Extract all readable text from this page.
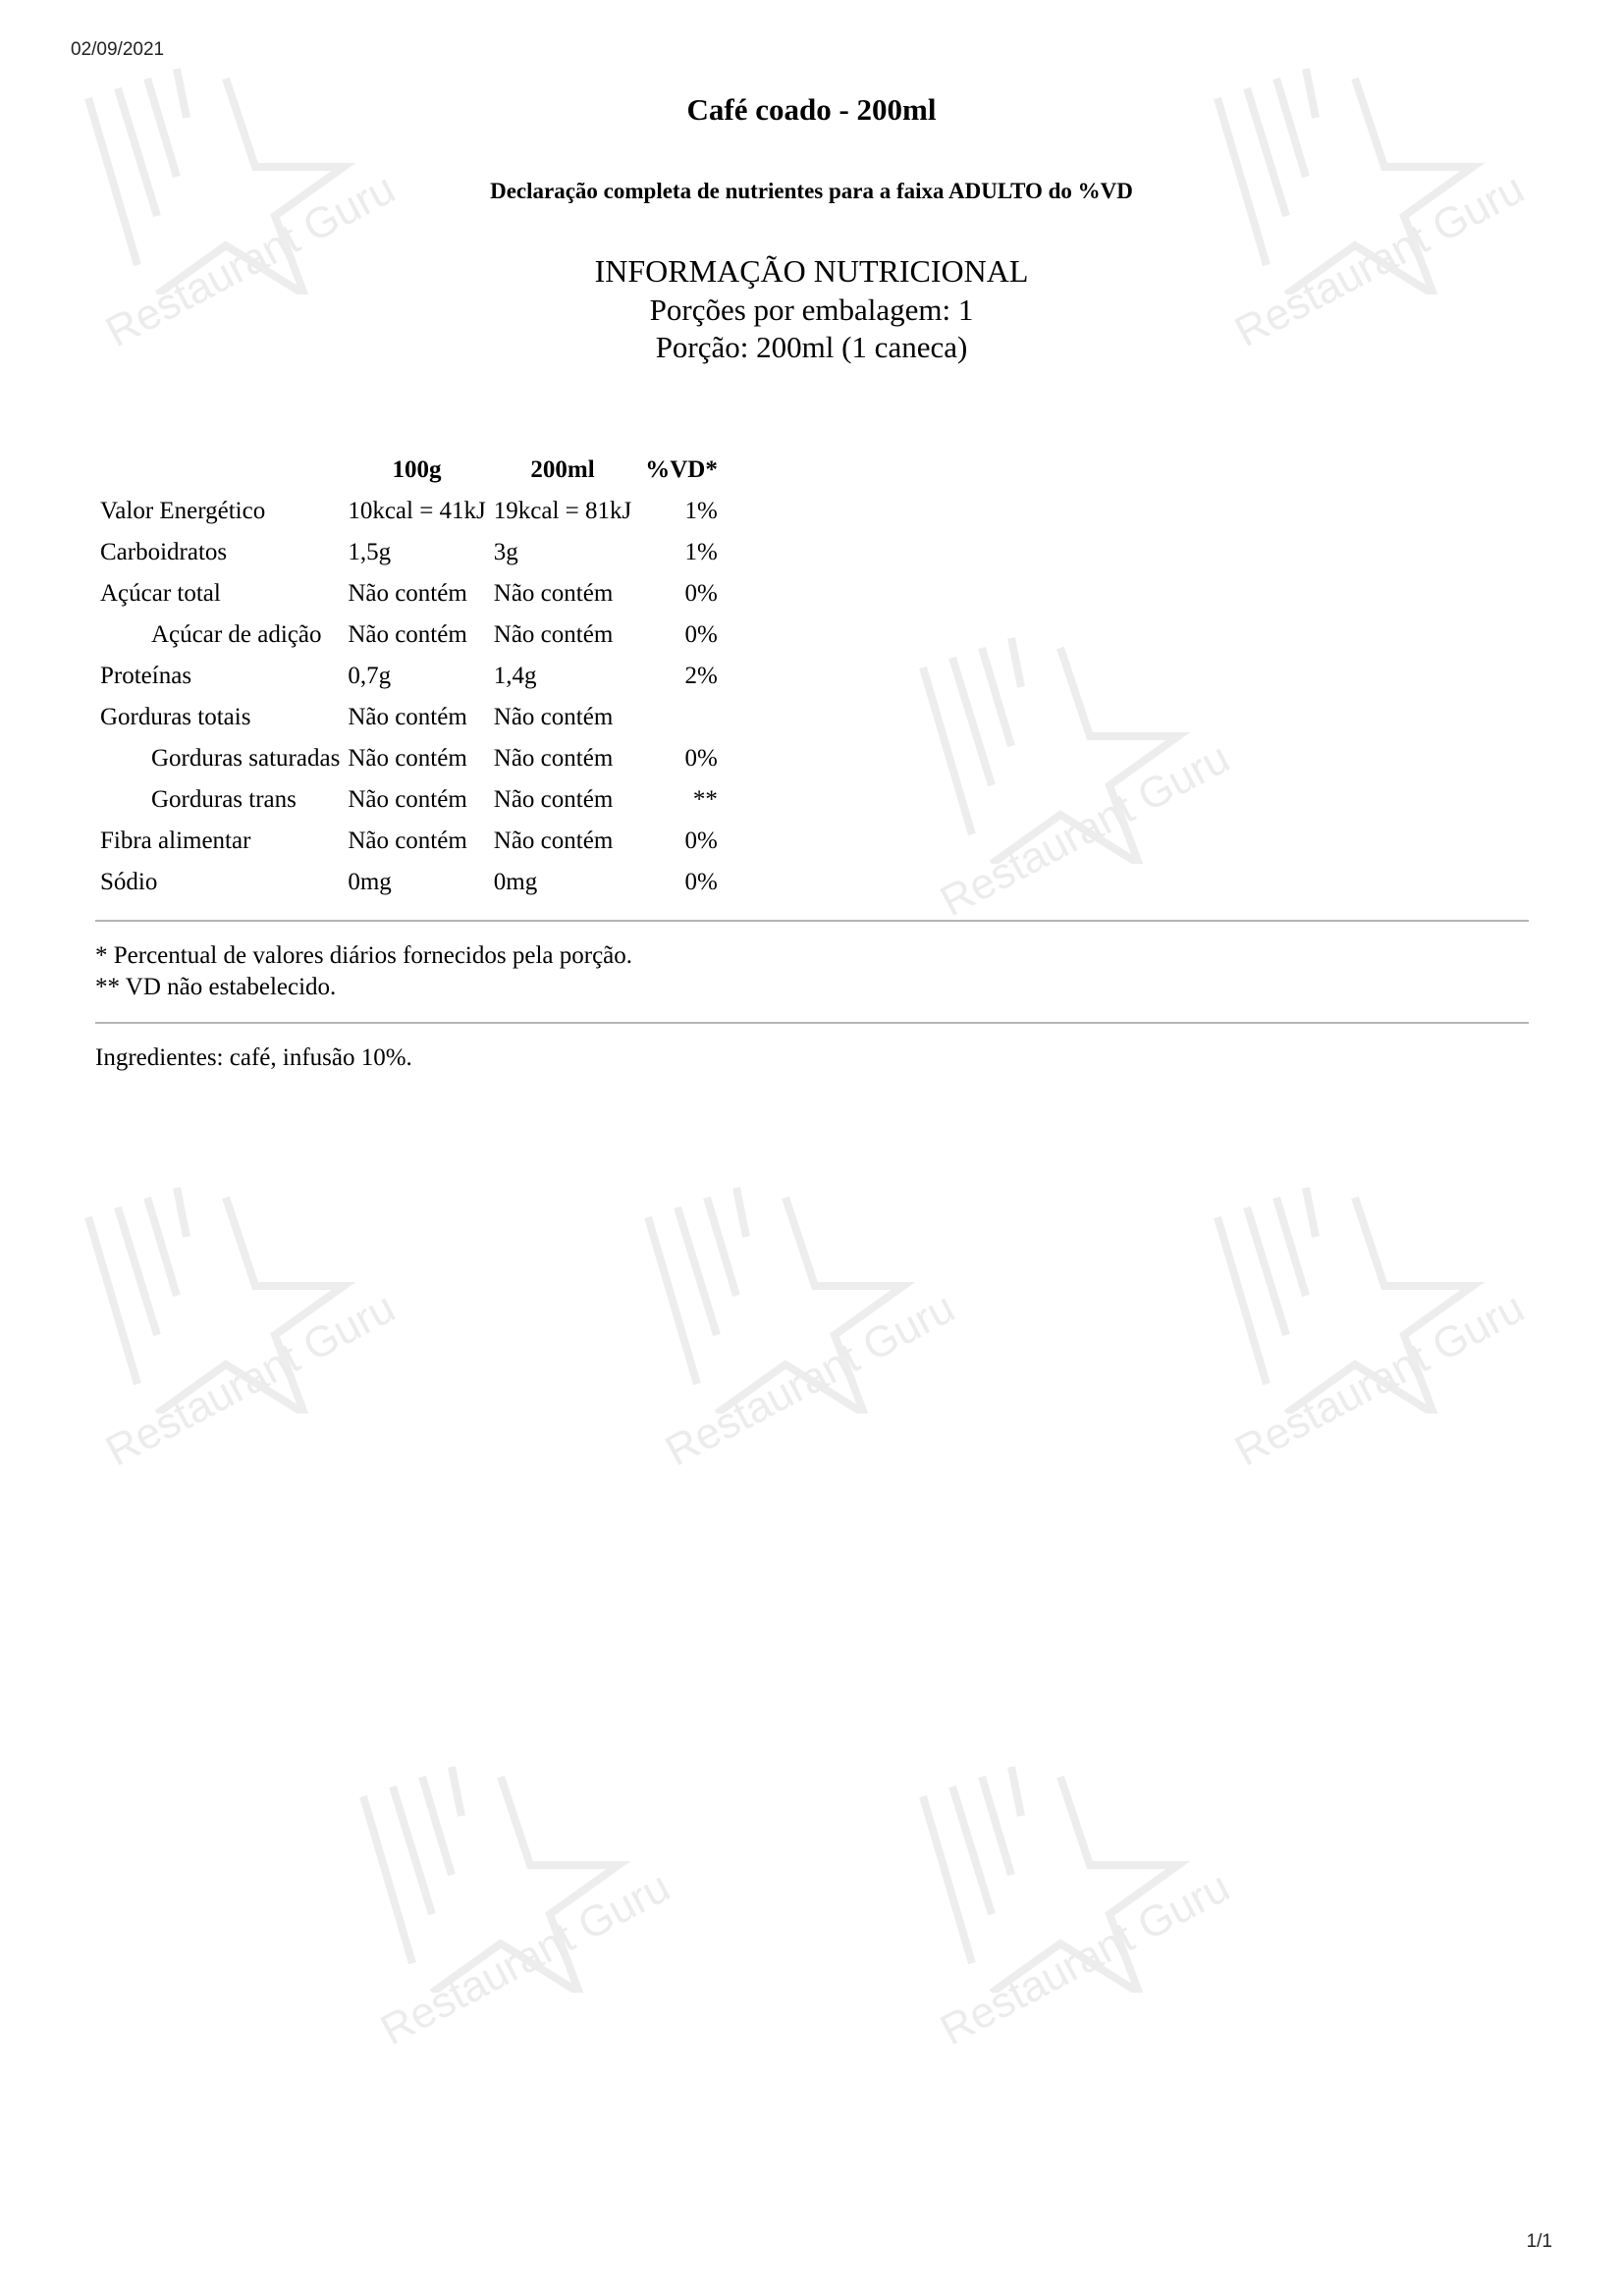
Restaurant Guru	Restaurant Guru
Restaurant Guru
Restaurant Guru	Restaurant Guru	Restaurant Guru
Restaurant Guru	Restaurant Guru
02/09/2021
Café coado - 200ml
Declaração completa de nutrientes para a faixa ADULTO do %VD
INFORMAÇÃO NUTRICIONAL
Porções por embalagem: 1
Porção: 200ml (1 caneca)
	100g	200ml	%VD*
Valor Energético	10kcal = 41kJ	19kcal = 81kJ	1%
Carboidratos	1,5g	3g	1%
Açúcar total	Não contém	Não contém	0%
Açúcar de adição	Não contém	Não contém	0%
Proteínas	0,7g	1,4g	2%
Gorduras totais	Não contém	Não contém	
Gorduras saturadas	Não contém	Não contém	0%
Gorduras trans	Não contém	Não contém	**
Fibra alimentar	Não contém	Não contém	0%
Sódio	0mg	0mg	0%
* Percentual de valores diários fornecidos pela porção.
** VD não estabelecido.
Ingredientes: café, infusão 10%.
1/1
